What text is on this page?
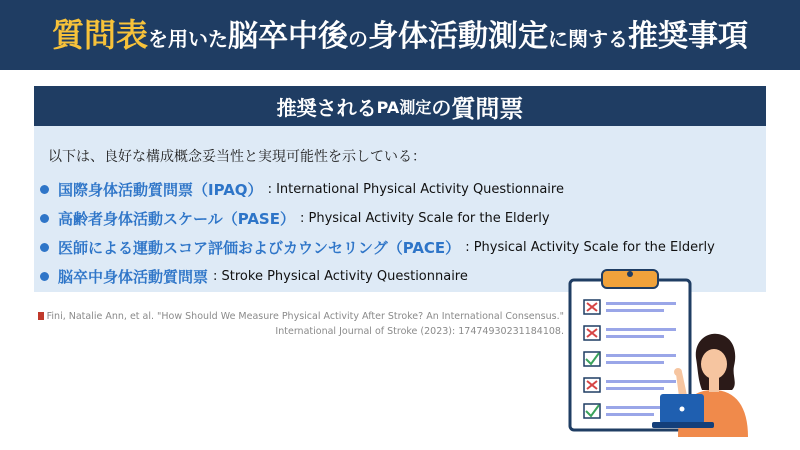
質問表を用いた脳卒中後の身体活動測定に関する推奨事項
推奨される PA測定 の 質問票
以下は、良好な構成概念妥当性と実現可能性を示している：
国際身体活動質問票（IPAQ） : International Physical Activity Questionnaire
高齢者身体活動スケール（PASE） : Physical Activity Scale for the Elderly
医師による運動スコア評価およびカウンセリング（PACE） : Physical Activity Scale for the Elderly
脳卒中身体活動質問票 : Stroke Physical Activity Questionnaire
Fini, Natalie Ann, et al. "How Should We Measure Physical Activity After Stroke? An International Consensus."
International Journal of Stroke (2023): 17474930231184108.
